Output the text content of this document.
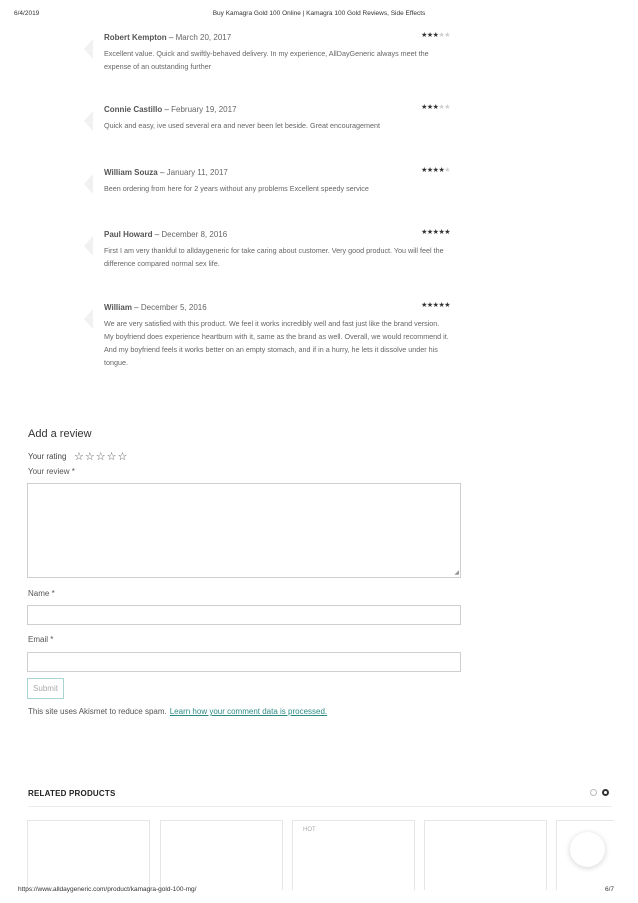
6/4/2019	Buy Kamagra Gold 100 Online | Kamagra 100 Gold Reviews, Side Effects
Robert Kempton – March 20, 2017	★★★★★
Excellent value. Quick and swiftly-behaved delivery. In my experience, AllDayGeneric always meet the expense of an outstanding further
Connie Castillo – February 19, 2017	★★★★★
Quick and easy, ive used several era and never been let beside. Great encouragement
William Souza – January 11, 2017	★★★★★
Been ordering from here for 2 years without any problems Excellent speedy service
Paul Howard – December 8, 2016	★★★★★
First I am very thankful to alldaygeneric for take caring about customer. Very good product. You will feel the difference compared normal sex life.
William – December 5, 2016	★★★★★
We are very satisfied with this product. We feel it works incredibly well and fast just like the brand version. My boyfriend does experience heartburn with it, same as the brand as well. Overall, we would recommend it. And my boyfriend feels it works better on an empty stomach, and if in a hurry, he lets it dissolve under his tongue.
Add a review
Your rating ☆☆☆☆☆
Your review *
◢
Name *
Email *
Submit
This site uses Akismet to reduce spam. Learn how your comment data is processed.
RELATED PRODUCTS
HOT
https://www.alldaygeneric.com/product/kamagra-gold-100-mg/	6/7
